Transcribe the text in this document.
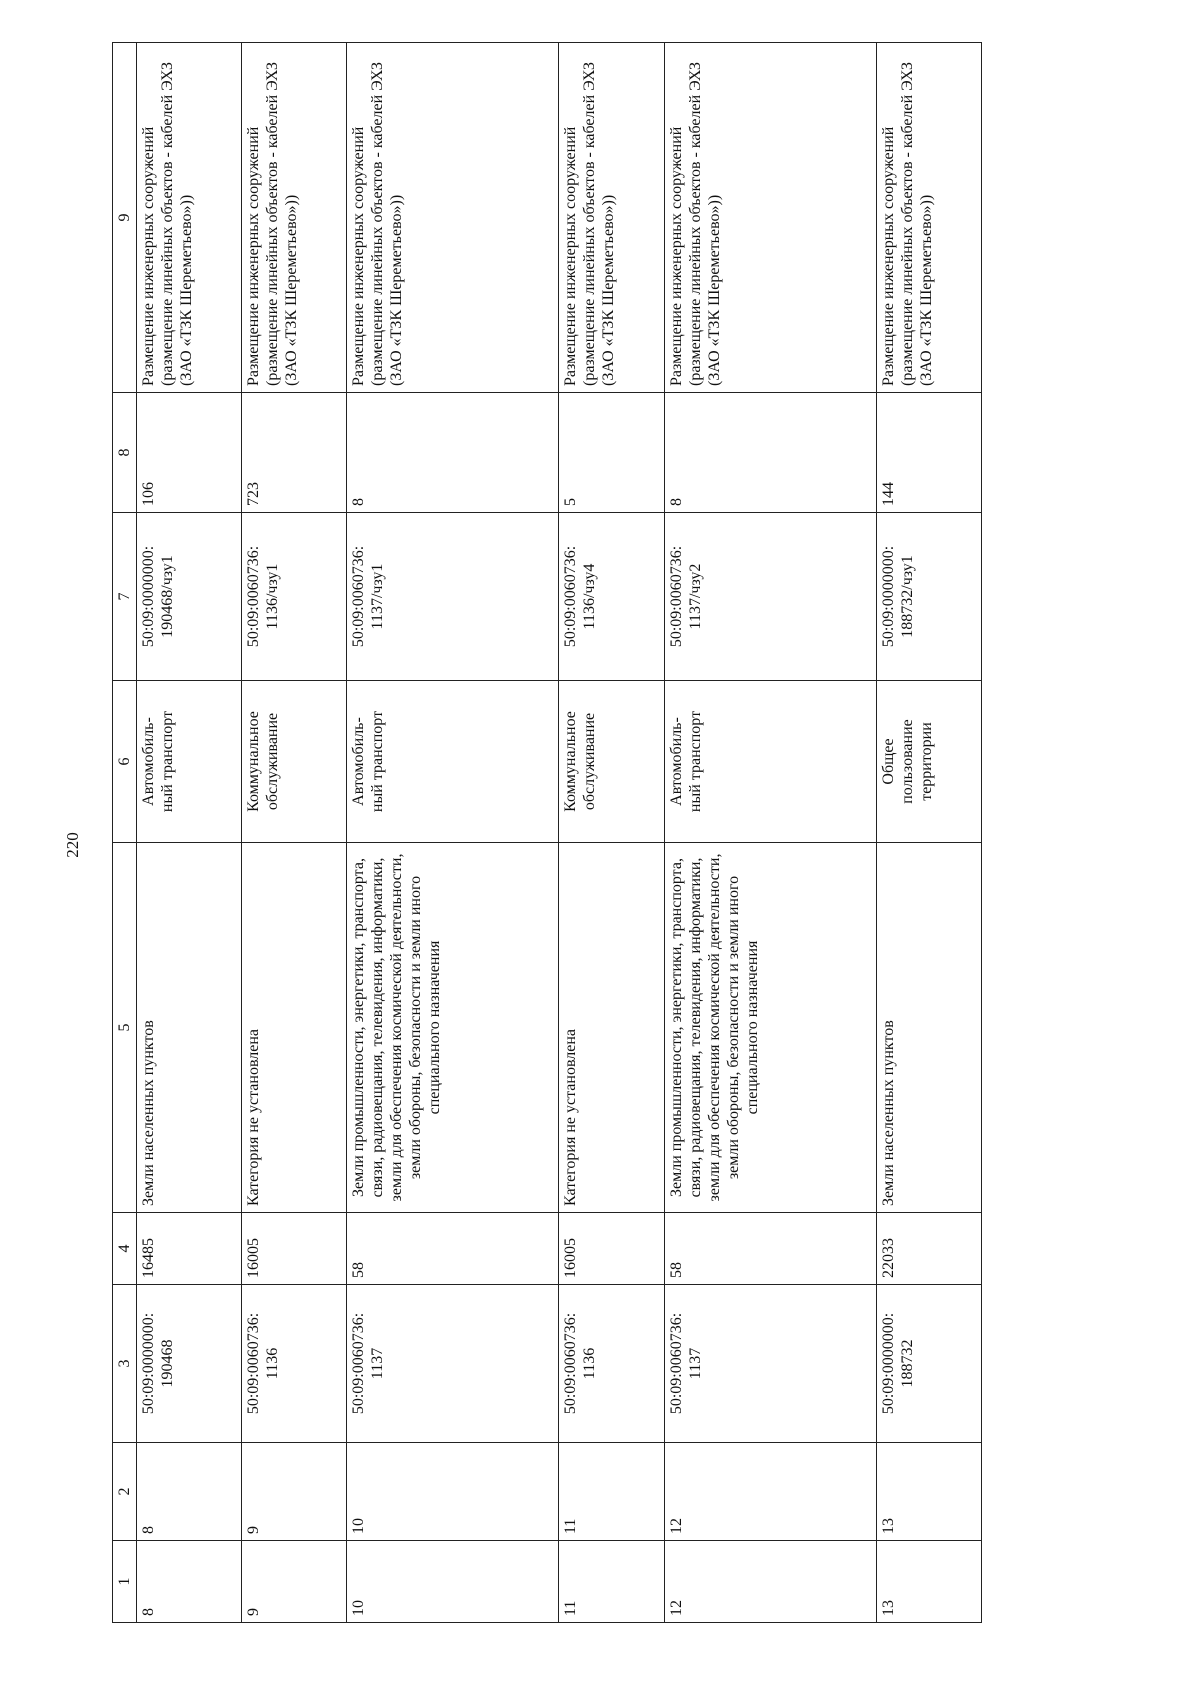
220
1	2	3	4	5	6	7	8	9
8	8	50:09:0000000:
190468	16485	Земли населенных пунктов	Автомобиль-
ный транспорт	50:09:0000000:
190468/чзу1	106	Размещение инженерных сооружений (размещение линейных объектов - кабелей ЭХЗ (ЗАО «ТЗК Шереметьево»))
9	9	50:09:0060736:
1136	16005	Категория не установлена	Коммунальное
обслуживание	50:09:0060736:
1136/чзу1	723	Размещение инженерных сооружений (размещение линейных объектов - кабелей ЭХЗ (ЗАО «ТЗК Шереметьево»))
10	10	50:09:0060736:
1137	58	Земли промышленности, энергетики, транспорта, связи, радиовещания, телевидения, информатики, земли для обеспечения космической деятельности, земли обороны, безопасности и земли иного специального назначения	Автомобиль-
ный транспорт	50:09:0060736:
1137/чзу1	8	Размещение инженерных сооружений (размещение линейных объектов - кабелей ЭХЗ (ЗАО «ТЗК Шереметьево»))
11	11	50:09:0060736:
1136	16005	Категория не установлена	Коммунальное
обслуживание	50:09:0060736:
1136/чзу4	5	Размещение инженерных сооружений (размещение линейных объектов - кабелей ЭХЗ (ЗАО «ТЗК Шереметьево»))
12	12	50:09:0060736:
1137	58	Земли промышленности, энергетики, транспорта, связи, радиовещания, телевидения, информатики, земли для обеспечения космической деятельности, земли обороны, безопасности и земли иного специального назначения	Автомобиль-
ный транспорт	50:09:0060736:
1137/чзу2	8	Размещение инженерных сооружений (размещение линейных объектов - кабелей ЭХЗ (ЗАО «ТЗК Шереметьево»))
13	13	50:09:0000000:
188732	22033	Земли населенных пунктов	Общее
пользование
территории	50:09:0000000:
188732/чзу1	144	Размещение инженерных сооружений (размещение линейных объектов - кабелей ЭХЗ (ЗАО «ТЗК Шереметьево»))
